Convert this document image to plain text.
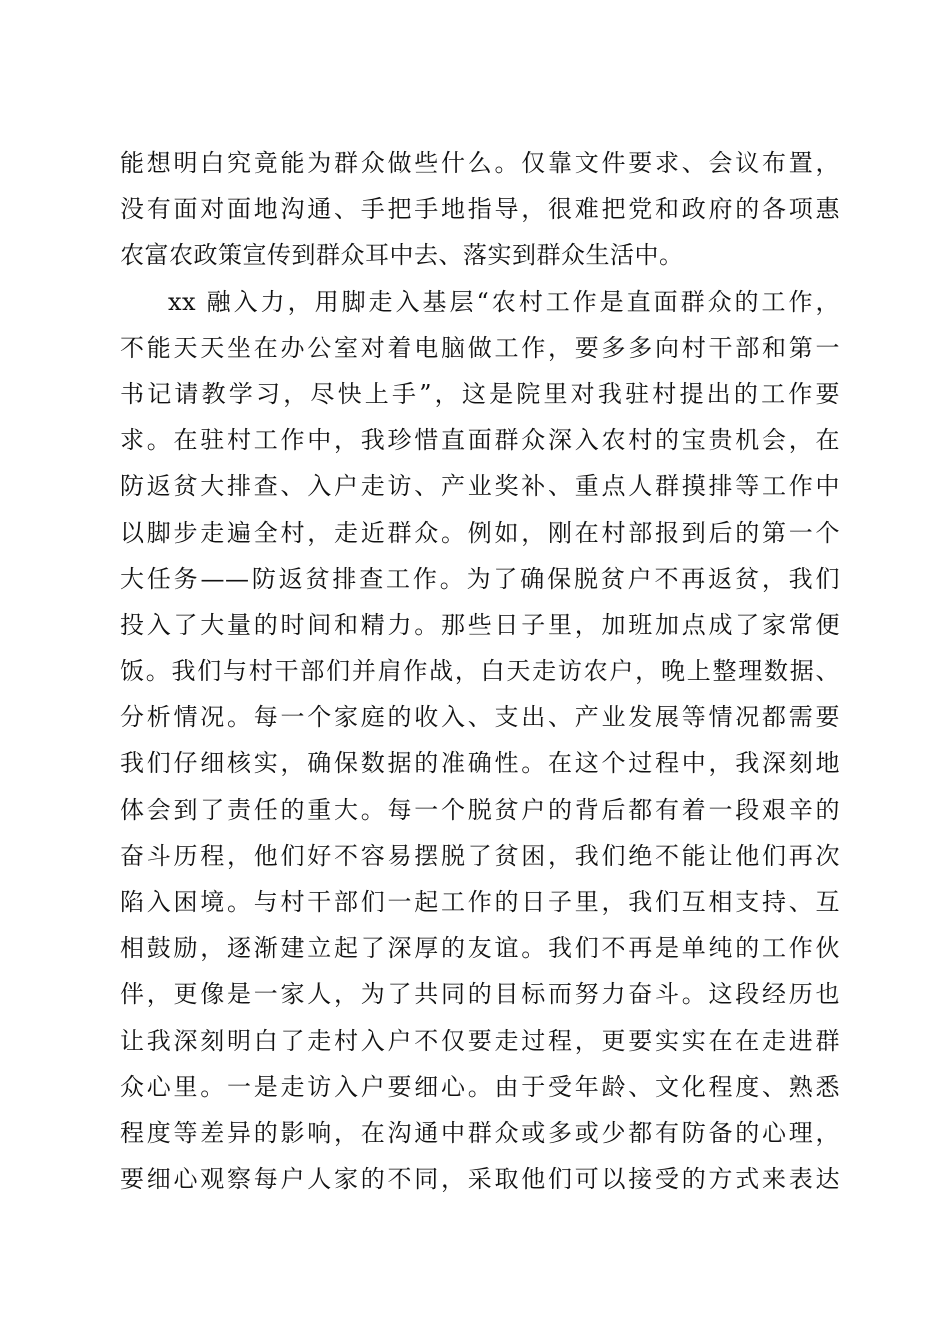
能想明白究竟能为群众做些什么。仅靠文件要求、会议布置，
没有面对面地沟通、手把手地指导，很难把党和政府的各项惠
农富农政策宣传到群众耳中去、落实到群众生活中。
xx 融入力，用脚走入基层“农村工作是直面群众的工作，
不能天天坐在办公室对着电脑做工作，要多多向村干部和第一
书记请教学习，尽快上手”，这是院里对我驻村提出的工作要
求。在驻村工作中，我珍惜直面群众深入农村的宝贵机会，在
防返贫大排查、入户走访、产业奖补、重点人群摸排等工作中
以脚步走遍全村，走近群众。例如，刚在村部报到后的第一个
大任务——防返贫排查工作。为了确保脱贫户不再返贫，我们
投入了大量的时间和精力。那些日子里，加班加点成了家常便
饭。我们与村干部们并肩作战，白天走访农户，晚上整理数据、
分析情况。每一个家庭的收入、支出、产业发展等情况都需要
我们仔细核实，确保数据的准确性。在这个过程中，我深刻地
体会到了责任的重大。每一个脱贫户的背后都有着一段艰辛的
奋斗历程，他们好不容易摆脱了贫困，我们绝不能让他们再次
陷入困境。与村干部们一起工作的日子里，我们互相支持、互
相鼓励，逐渐建立起了深厚的友谊。我们不再是单纯的工作伙
伴，更像是一家人，为了共同的目标而努力奋斗。这段经历也
让我深刻明白了走村入户不仅要走过程，更要实实在在走进群
众心里。一是走访入户要细心。由于受年龄、文化程度、熟悉
程度等差异的影响，在沟通中群众或多或少都有防备的心理，
要细心观察每户人家的不同，采取他们可以接受的方式来表达
